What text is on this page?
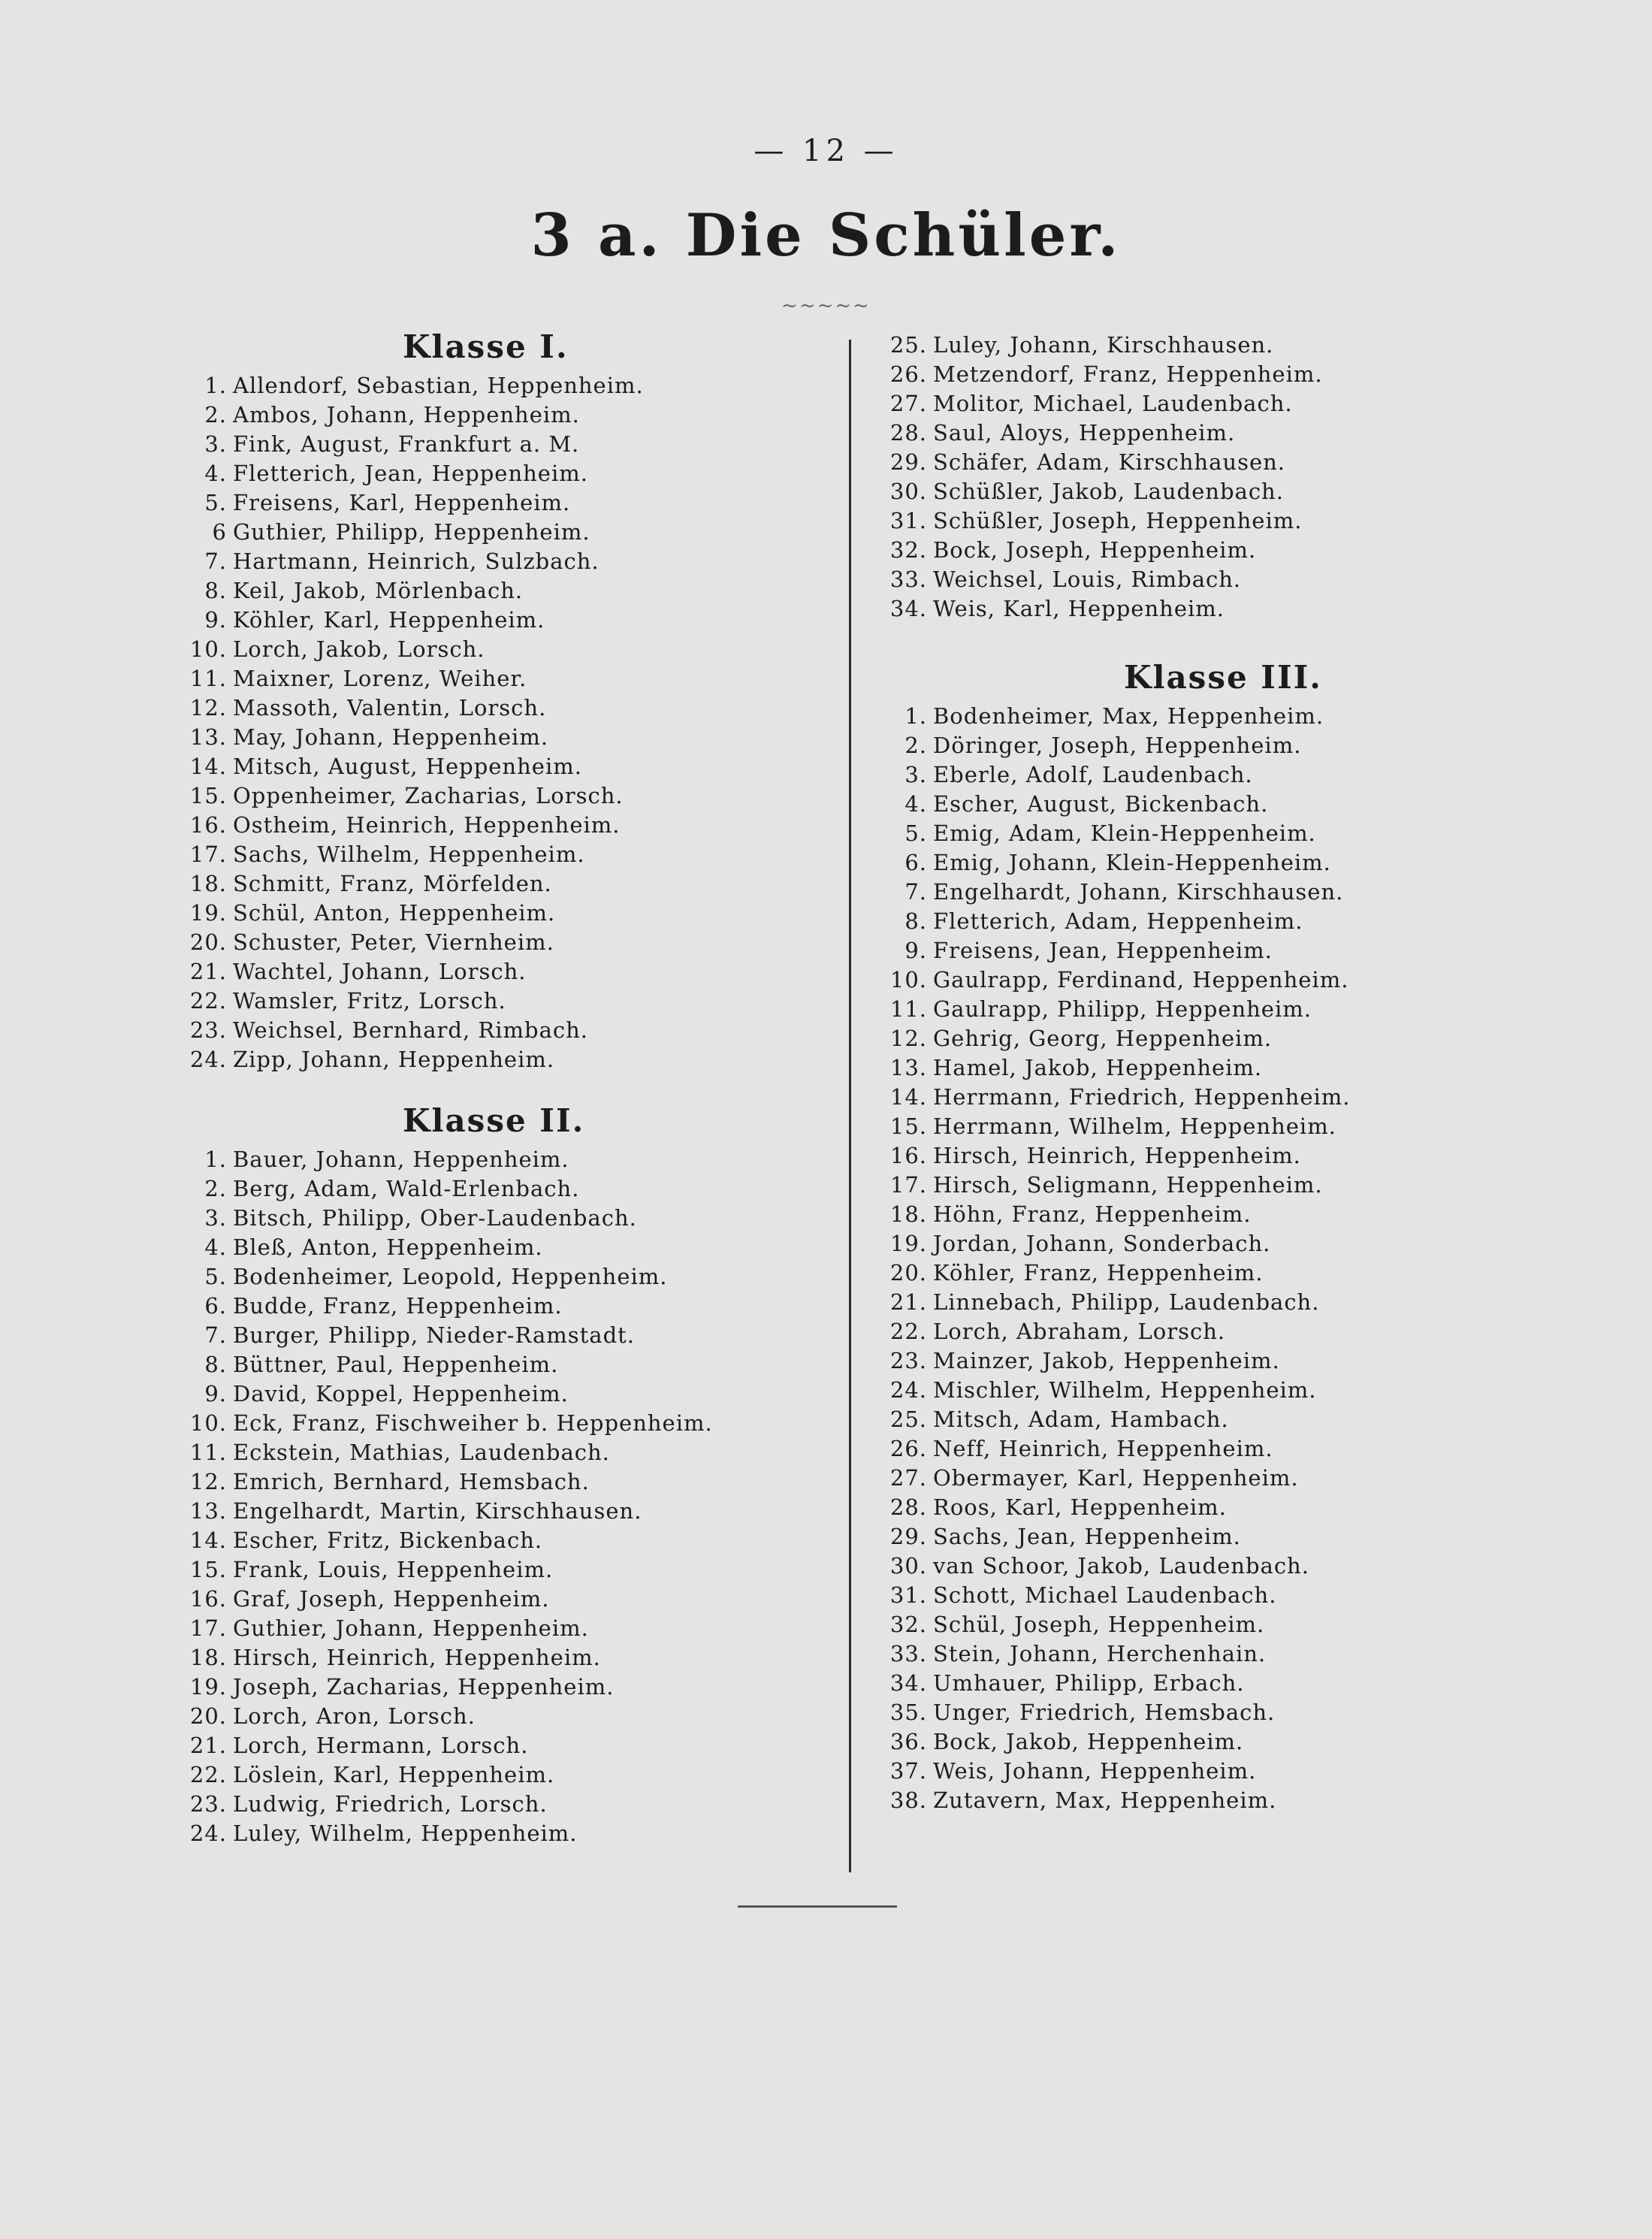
— 12 —
3 a. Die Schüler.
~~~~~
Klasse I.
1. Allendorf, Sebastian, Heppenheim.
2. Ambos, Johann, Heppenheim.
3. Fink, August, Frankfurt a. M.
4. Fletterich, Jean, Heppenheim.
5. Freisens, Karl, Heppenheim.
6 Guthier, Philipp, Heppenheim.
7. Hartmann, Heinrich, Sulzbach.
8. Keil, Jakob, Mörlenbach.
9. Köhler, Karl, Heppenheim.
10. Lorch, Jakob, Lorsch.
11. Maixner, Lorenz, Weiher.
12. Massoth, Valentin, Lorsch.
13. May, Johann, Heppenheim.
14. Mitsch, August, Heppenheim.
15. Oppenheimer, Zacharias, Lorsch.
16. Ostheim, Heinrich, Heppenheim.
17. Sachs, Wilhelm, Heppenheim.
18. Schmitt, Franz, Mörfelden.
19. Schül, Anton, Heppenheim.
20. Schuster, Peter, Viernheim.
21. Wachtel, Johann, Lorsch.
22. Wamsler, Fritz, Lorsch.
23. Weichsel, Bernhard, Rimbach.
24. Zipp, Johann, Heppenheim.
Klasse II.
1. Bauer, Johann, Heppenheim.
2. Berg, Adam, Wald-Erlenbach.
3. Bitsch, Philipp, Ober-Laudenbach.
4. Bleß, Anton, Heppenheim.
5. Bodenheimer, Leopold, Heppenheim.
6. Budde, Franz, Heppenheim.
7. Burger, Philipp, Nieder-Ramstadt.
8. Büttner, Paul, Heppenheim.
9. David, Koppel, Heppenheim.
10. Eck, Franz, Fischweiher b. Heppenheim.
11. Eckstein, Mathias, Laudenbach.
12. Emrich, Bernhard, Hemsbach.
13. Engelhardt, Martin, Kirschhausen.
14. Escher, Fritz, Bickenbach.
15. Frank, Louis, Heppenheim.
16. Graf, Joseph, Heppenheim.
17. Guthier, Johann, Heppenheim.
18. Hirsch, Heinrich, Heppenheim.
19. Joseph, Zacharias, Heppenheim.
20. Lorch, Aron, Lorsch.
21. Lorch, Hermann, Lorsch.
22. Löslein, Karl, Heppenheim.
23. Ludwig, Friedrich, Lorsch.
24. Luley, Wilhelm, Heppenheim.
25. Luley, Johann, Kirschhausen.
26. Metzendorf, Franz, Heppenheim.
27. Molitor, Michael, Laudenbach.
28. Saul, Aloys, Heppenheim.
29. Schäfer, Adam, Kirschhausen.
30. Schüßler, Jakob, Laudenbach.
31. Schüßler, Joseph, Heppenheim.
32. Bock, Joseph, Heppenheim.
33. Weichsel, Louis, Rimbach.
34. Weis, Karl, Heppenheim.
Klasse III.
1. Bodenheimer, Max, Heppenheim.
2. Döringer, Joseph, Heppenheim.
3. Eberle, Adolf, Laudenbach.
4. Escher, August, Bickenbach.
5. Emig, Adam, Klein-Heppenheim.
6. Emig, Johann, Klein-Heppenheim.
7. Engelhardt, Johann, Kirschhausen.
8. Fletterich, Adam, Heppenheim.
9. Freisens, Jean, Heppenheim.
10. Gaulrapp, Ferdinand, Heppenheim.
11. Gaulrapp, Philipp, Heppenheim.
12. Gehrig, Georg, Heppenheim.
13. Hamel, Jakob, Heppenheim.
14. Herrmann, Friedrich, Heppenheim.
15. Herrmann, Wilhelm, Heppenheim.
16. Hirsch, Heinrich, Heppenheim.
17. Hirsch, Seligmann, Heppenheim.
18. Höhn, Franz, Heppenheim.
19. Jordan, Johann, Sonderbach.
20. Köhler, Franz, Heppenheim.
21. Linnebach, Philipp, Laudenbach.
22. Lorch, Abraham, Lorsch.
23. Mainzer, Jakob, Heppenheim.
24. Mischler, Wilhelm, Heppenheim.
25. Mitsch, Adam, Hambach.
26. Neff, Heinrich, Heppenheim.
27. Obermayer, Karl, Heppenheim.
28. Roos, Karl, Heppenheim.
29. Sachs, Jean, Heppenheim.
30. van Schoor, Jakob, Laudenbach.
31. Schott, Michael Laudenbach.
32. Schül, Joseph, Heppenheim.
33. Stein, Johann, Herchenhain.
34. Umhauer, Philipp, Erbach.
35. Unger, Friedrich, Hemsbach.
36. Bock, Jakob, Heppenheim.
37. Weis, Johann, Heppenheim.
38. Zutavern, Max, Heppenheim.
